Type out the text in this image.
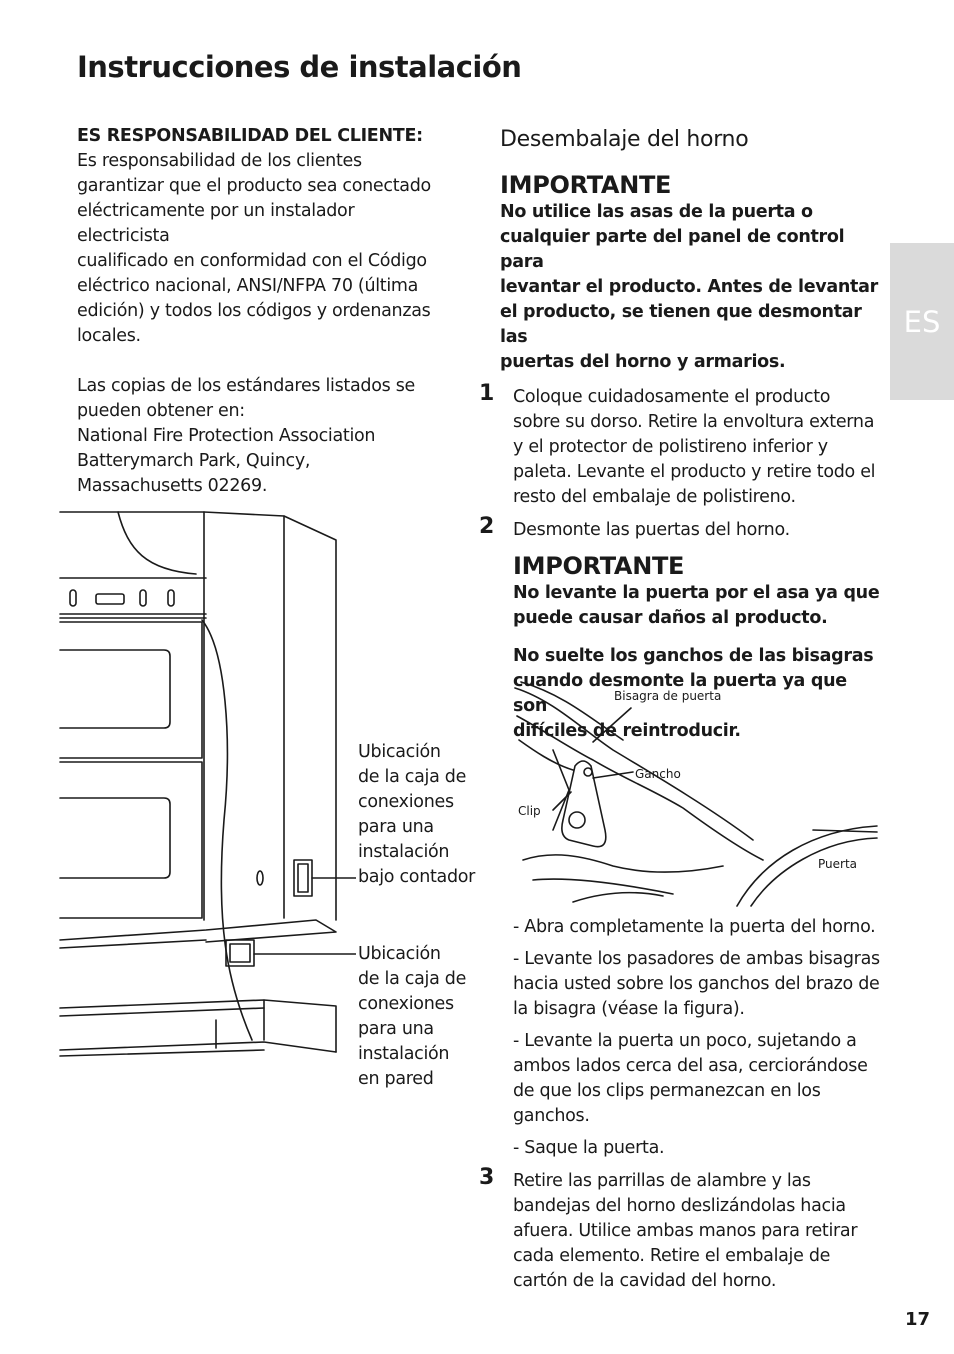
Instrucciones de instalación
ES

ES RESPONSABILIDAD DEL CLIENTE:

Es responsabilidad de los clientes
garantizar que el producto sea conectado
eléctricamente por un instalador electricista
cualificado en conformidad con el Código
eléctrico nacional, ANSI/NFPA 70 (última
edición) y todos los códigos y ordenanzas
locales.

Las copias de los estándares listados se
pueden obtener en:
National Fire Protection Association
Batterymarch Park, Quincy,
Massachusetts 02269.

Ubicación
de la caja de
conexiones
para una
instalación
bajo contador
Ubicación
de la caja de
conexiones
para una
instalación
en pared
Desembalaje del horno
IMPORTANTE

No utilice las asas de la puerta o
cualquier parte del panel de control para
levantar el producto. Antes de levantar
el producto, se tienen que desmontar las
puertas del horno y armarios.

1 Coloque cuidadosamente el producto
sobre su dorso. Retire la envoltura externa
y el protector de polistireno inferior y
paleta. Levante el producto y retire todo el
resto del embalaje de polistireno.
2 Desmonte las puertas del horno.
IMPORTANTE

No levante la puerta por el asa ya que
puede causar daños al producto.

No suelte los ganchos de las bisagras
cuando desmonte la puerta ya que son
difíciles de reintroducir.

Bisagra de puerta
Gancho
Clip
Puerta

- Abra completamente la puerta del horno.

- Levante los pasadores de ambas bisagras
hacia usted sobre los ganchos del brazo de
la bisagra (véase la figura).

- Levante la puerta un poco, sujetando a
ambos lados cerca del asa, cerciorándose
de que los clips permanezcan en los
ganchos.

- Saque la puerta.

3 Retire las parrillas de alambre y las
bandejas del horno deslizándolas hacia
afuera. Utilice ambas manos para retirar
cada elemento. Retire el embalaje de
cartón de la cavidad del horno.
17
